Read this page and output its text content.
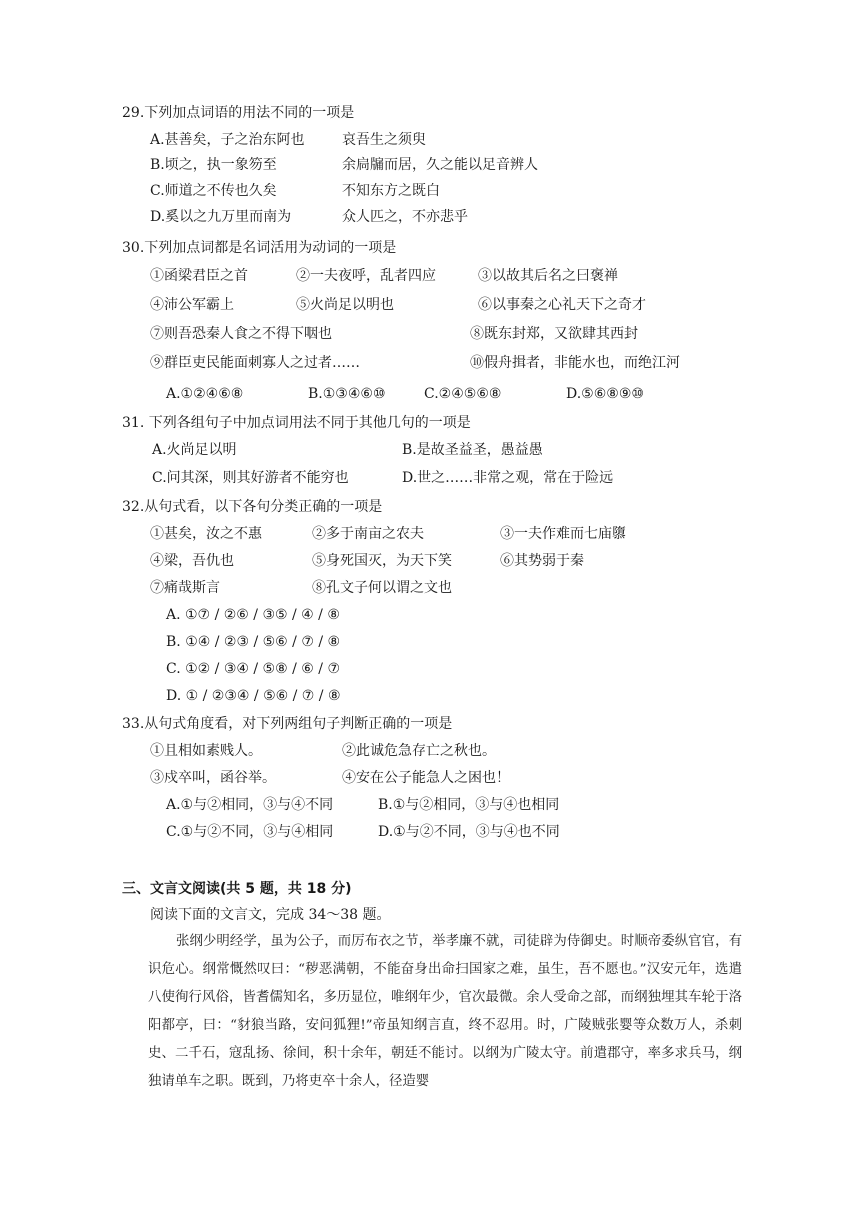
29.下列加点词语的用法不同的一项是
A.甚善矣，子之治东阿也	哀吾生之须臾
B.顷之，执一象笏至	余扃牖而居，久之能以足音辨人
C.师道之不传也久矣	不知东方之既白
D.奚以之九万里而南为	众人匹之，不亦悲乎
30.下列加点词都是名词活用为动词的一项是
①函梁君臣之首	②一夫夜呼，乱者四应	③以故其后名之曰褒禅
④沛公军霸上	⑤火尚足以明也	⑥以事秦之心礼天下之奇才
⑦则吾恐秦人食之不得下咽也	⑧既东封郑，又欲肆其西封
⑨群臣吏民能面刺寡人之过者……	⑩假舟揖者，非能水也，而绝江河
A.①②④⑥⑧	B.①③④⑥⑩	C.②④⑤⑥⑧	D.⑤⑥⑧⑨⑩
31. 下列各组句子中加点词用法不同于其他几句的一项是
A.火尚足以明	B.是故圣益圣，愚益愚
C.问其深，则其好游者不能穷也	D.世之……非常之观，常在于险远
32.从句式看，以下各句分类正确的一项是
①甚矣，汝之不惠	②多于南亩之农夫	③一夫作难而七庙隳
④梁，吾仇也	⑤身死国灭，为天下笑	⑥其势弱于秦
⑦痛哉斯言	⑧孔文子何以谓之文也
A. ①⑦ / ②⑥ / ③⑤ / ④ / ⑧
B. ①④ / ②③ / ⑤⑥ / ⑦ / ⑧
C. ①② / ③④ / ⑤⑧ / ⑥ / ⑦
D. ① / ②③④ / ⑤⑥ / ⑦ / ⑧
33.从句式角度看，对下列两组句子判断正确的一项是
①且相如素贱人。	②此诚危急存亡之秋也。
③戍卒叫，函谷举。	④安在公子能急人之困也！
A.①与②相同，③与④不同	B.①与②相同，③与④也相同
C.①与②不同，③与④相同	D.①与②不同，③与④也不同
三、文言文阅读(共 5 题，共 18 分)
阅读下面的文言文，完成 34～38 题。
张纲少明经学，虽为公子，而厉布衣之节，举孝廉不就，司徒辟为侍御史。时顺帝委纵官官，有识危心。纲常慨然叹曰：“秽恶满朝，不能奋身出命扫国家之难，虽生，吾不愿也。”汉安元年，选遣八使徇行风俗，皆耆儒知名，多历显位，唯纲年少，官次最微。余人受命之部，而纲独埋其车轮于洛阳都亭，曰：“豺狼当路，安问狐狸!”帝虽知纲言直，终不忍用。时，广陵贼张婴等众数万人，杀刺史、二千石，寇乱扬、徐间，积十余年，朝廷不能讨。以纲为广陵太守。前遣郡守，率多求兵马，纲独请单车之职。既到，乃将吏卒十余人，径造婴
